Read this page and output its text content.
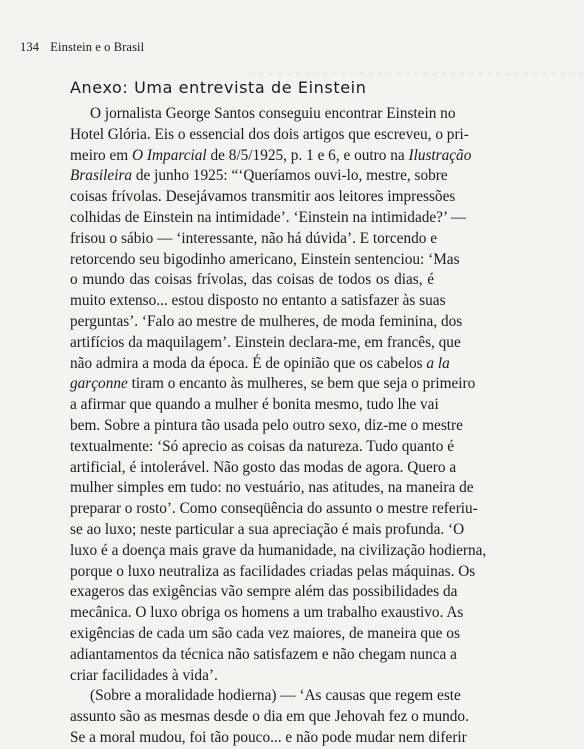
134 Einstein e o Brasil
~ ~ ~ ~ ~ ~ ~ ~ ~ ~ ~ ~ ~ ~ ~ ~ ~ ~ ~ ~ ~ ~ ~ ~ ~ ~ ~ ~ ~ ~ ~ ~ ~ ~ ~ ~ ~
Anexo: Uma entrevista de Einstein

O jornalista George Santos conseguiu encontrar Einstein no
Hotel Glória. Eis o essencial dos dois artigos que escreveu, o pri-
meiro em O Imparcial de 8/5/1925, p. 1 e 6, e outro na Ilustração
Brasileira de junho 1925: “‘Queríamos ouvi-lo, mestre, sobre
coisas frívolas. Desejávamos transmitir aos leitores impressões
colhidas de Einstein na intimidade’. ‘Einstein na intimidade?’ —
frisou o sábio — ‘interessante, não há dúvida’. E torcendo e
retorcendo seu bigodinho americano, Einstein sentenciou: ‘Mas
o mundo das coisas frívolas, das coisas de todos os dias, é
muito extenso... estou disposto no entanto a satisfazer às suas
perguntas’. ‘Falo ao mestre de mulheres, de moda feminina, dos
artifícios da maquilagem’. Einstein declara-me, em francês, que
não admira a moda da época. É de opinião que os cabelos a la
garçonne tiram o encanto às mulheres, se bem que seja o primeiro
a afirmar que quando a mulher é bonita mesmo, tudo lhe vai
bem. Sobre a pintura tão usada pelo outro sexo, diz-me o mestre
textualmente: ‘Só aprecio as coisas da natureza. Tudo quanto é
artificial, é intolerável. Não gosto das modas de agora. Quero a
mulher simples em tudo: no vestuário, nas atitudes, na maneira de
preparar o rosto’. Como conseqüência do assunto o mestre referiu-
se ao luxo; neste particular a sua apreciação é mais profunda. ‘O
luxo é a doença mais grave da humanidade, na civilização hodierna,
porque o luxo neutraliza as facilidades criadas pelas máquinas. Os
exageros das exigências vão sempre além das possibilidades da
mecânica. O luxo obriga os homens a um trabalho exaustivo. As
exigências de cada um são cada vez maiores, de maneira que os
adiantamentos da técnica não satisfazem e não chegam nunca a
criar facilidades à vida’.

(Sobre a moralidade hodierna) — ‘As causas que regem este
assunto são as mesmas desde o dia em que Jehovah fez o mundo.
Se a moral mudou, foi tão pouco... e não pode mudar nem diferir
